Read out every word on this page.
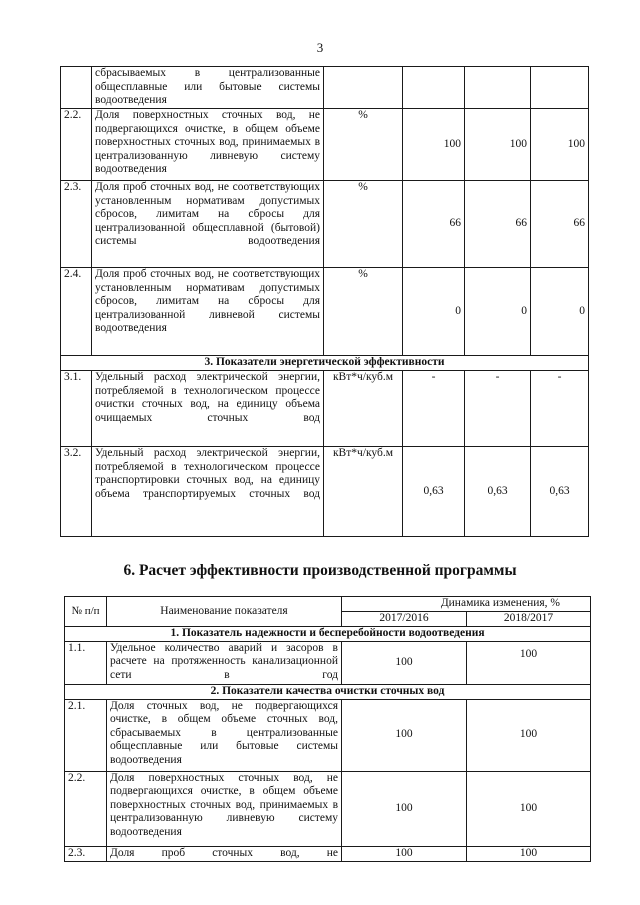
3
	сбрасываемых в централизованные общесплавные или бытовые системы водоотведения				
2.2.	Доля поверхностных сточных вод, не подвергающихся очистке, в общем объеме поверхностных сточных вод, принимаемых в централизованную ливневую систему водоотведения	%	100	100	100
2.3.	Доля проб сточных вод, не соответствующих установленным нормативам допустимых сбросов, лимитам на сбросы для централизованной общесплавной (бытовой) системы водоотведения	%	66	66	66
2.4.	Доля проб сточных вод, не соответствующих установленным нормативам допустимых сбросов, лимитам на сбросы для централизованной ливневой системы водоотведения	%	0	0	0
3. Показатели энергетической эффективности					
3.1.	Удельный расход электрической энергии, потребляемой в технологическом процессе очистки сточных вод, на единицу объема очищаемых сточных вод	кВт*ч/куб.м	-	-	-
3.2.	Удельный расход электрической энергии, потребляемой в технологическом процессе транспортировки сточных вод, на единицу объема транспортируемых сточных вод	кВт*ч/куб.м	0,63	0,63	0,63
6. Расчет эффективности производственной программы
№ п/п	Наименование показателя	Динамика изменения, %	
		2017/2016	2018/2017
1. Показатель надежности и бесперебойности водоотведения			
1.1.	Удельное количество аварий и засоров в расчете на протяженность канализационной сети в год	100	100
2. Показатели качества очистки сточных вод			
2.1.	Доля сточных вод, не подвергающихся очистке, в общем объеме сточных вод, сбрасываемых в централизованные общесплавные или бытовые системы водоотведения	100	100
2.2.	Доля поверхностных сточных вод, не подвергающихся очистке, в общем объеме поверхностных сточных вод, принимаемых в централизованную ливневую систему водоотведения	100	100
2.3.	Доля проб сточных вод, не	100	100
